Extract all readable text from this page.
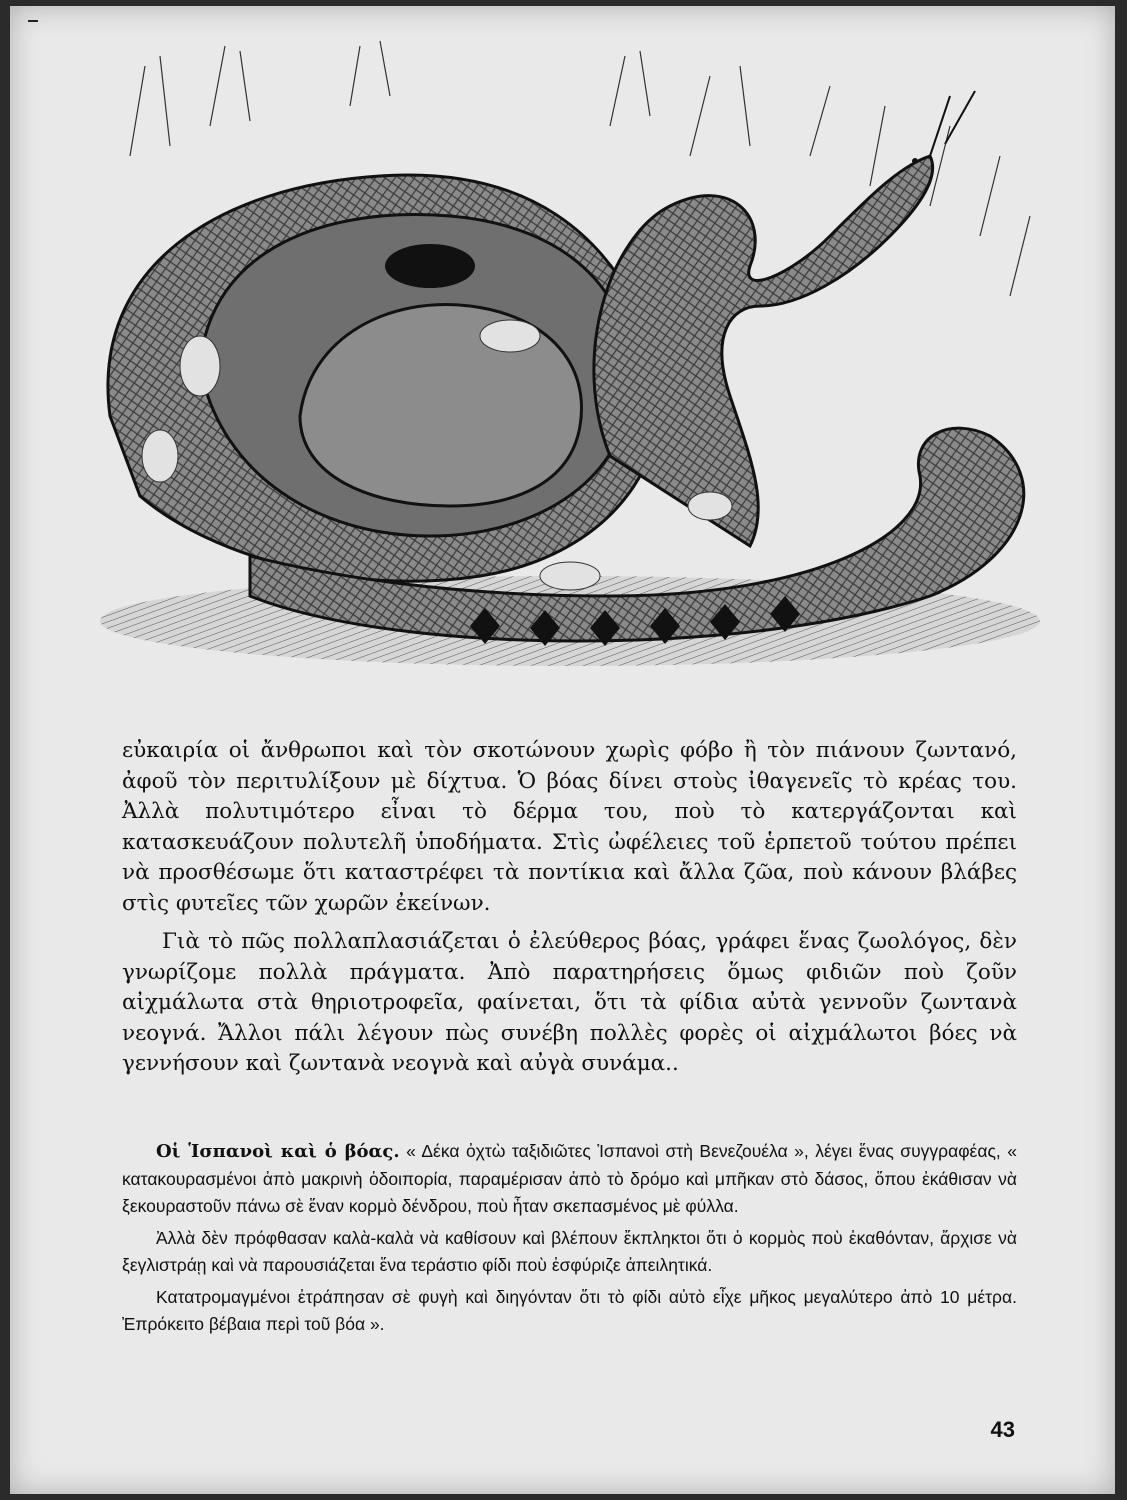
εὐκαιρία οἱ ἄνθρωποι καὶ τὸν σκοτώνουν χωρὶς φόβο ἢ τὸν πιάνουν ζωντανό, ἀφοῦ τὸν περιτυλίξουν μὲ δίχτυα. Ὁ βόας δίνει στοὺς ἰθαγενεῖς τὸ κρέας του. Ἀλλὰ πολυτιμότερο εἶναι τὸ δέρμα του, ποὺ τὸ κατεργάζονται καὶ κατασκευάζουν πολυτελῆ ὑποδήματα. Στὶς ὠφέλειες τοῦ ἑρπετοῦ τούτου πρέπει νὰ προσθέσωμε ὅτι καταστρέφει τὰ ποντίκια καὶ ἄλλα ζῶα, ποὺ κάνουν βλάβες στὶς φυτεῖες τῶν χωρῶν ἐκείνων.

Γιὰ τὸ πῶς πολλαπλασιάζεται ὁ ἐλεύθερος βόας, γράφει ἕνας ζωολόγος, δὲν γνωρίζομε πολλὰ πράγματα. Ἀπὸ παρατηρήσεις ὅμως φιδιῶν ποὺ ζοῦν αἰχμάλωτα στὰ θηριοτροφεῖα, φαίνεται, ὅτι τὰ φίδια αὐτὰ γεννοῦν ζωντανὰ νεογνά. Ἄλλοι πάλι λέγουν πὼς συνέβη πολλὲς φορὲς οἱ αἰχμάλωτοι βόες νὰ γεννήσουν καὶ ζωντανὰ νεογνὰ καὶ αὐγὰ συνάμα..

Οἱ Ἱσπανοὶ καὶ ὁ βόας. « Δέκα ὀχτὼ ταξιδιῶτες Ἱσπανοὶ στὴ Βενεζουέλα », λέγει ἕνας συγγραφέας, « κατακουρασμένοι ἀπὸ μακρινὴ ὁδοιπορία, παραμέρισαν ἀπὸ τὸ δρόμο καὶ μπῆκαν στὸ δάσος, ὅπου ἐκάθισαν νὰ ξεκουραστοῦν πάνω σὲ ἕναν κορμὸ δένδρου, ποὺ ἦταν σκεπασμένος μὲ φύλλα.

Ἀλλὰ δὲν πρόφθασαν καλὰ-καλὰ νὰ καθίσουν καὶ βλέπουν ἔκπληκτοι ὅτι ὁ κορμὸς ποὺ ἐκαθόνταν, ἄρχισε νὰ ξεγλιστράῃ καὶ νὰ παρουσιάζεται ἕνα τεράστιο φίδι ποὺ ἐσφύριζε ἀπειλητικά.

Κατατρομαγμένοι ἐτράπησαν σὲ φυγὴ καὶ διηγόνταν ὅτι τὸ φίδι αὐτὸ εἶχε μῆκος μεγαλύτερο ἀπὸ 10 μέτρα. Ἐπρόκειτο βέβαια περὶ τοῦ βόα ».

43
